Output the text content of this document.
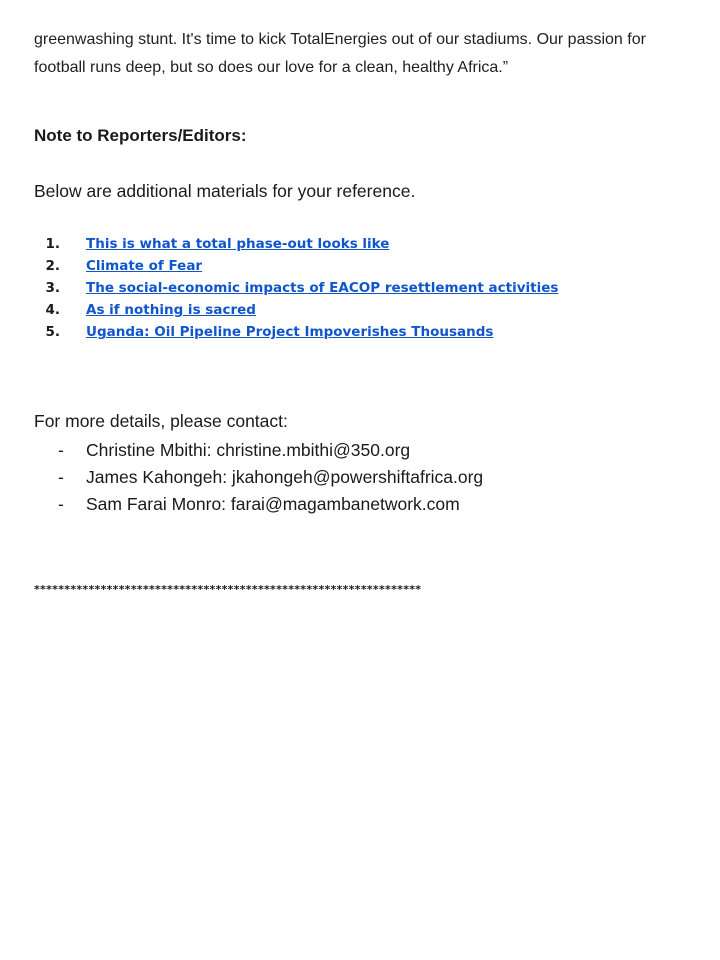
greenwashing stunt. It's time to kick TotalEnergies out of our stadiums. Our passion for
football runs deep, but so does our love for a clean, healthy Africa.”

Note to Reporters/Editors:

Below are additional materials for your reference.

1. This is what a total phase-out looks like
2. Climate of Fear
3. The social-economic impacts of EACOP resettlement activities
4. As if nothing is sacred
5. Uganda: Oil Pipeline Project Impoverishes Thousands

For more details, please contact:

- Christine Mbithi: christine.mbithi@350.org
- James Kahongeh: jkahongeh@powershiftafrica.org
- Sam Farai Monro: farai@magambanetwork.com

****************************************************************
